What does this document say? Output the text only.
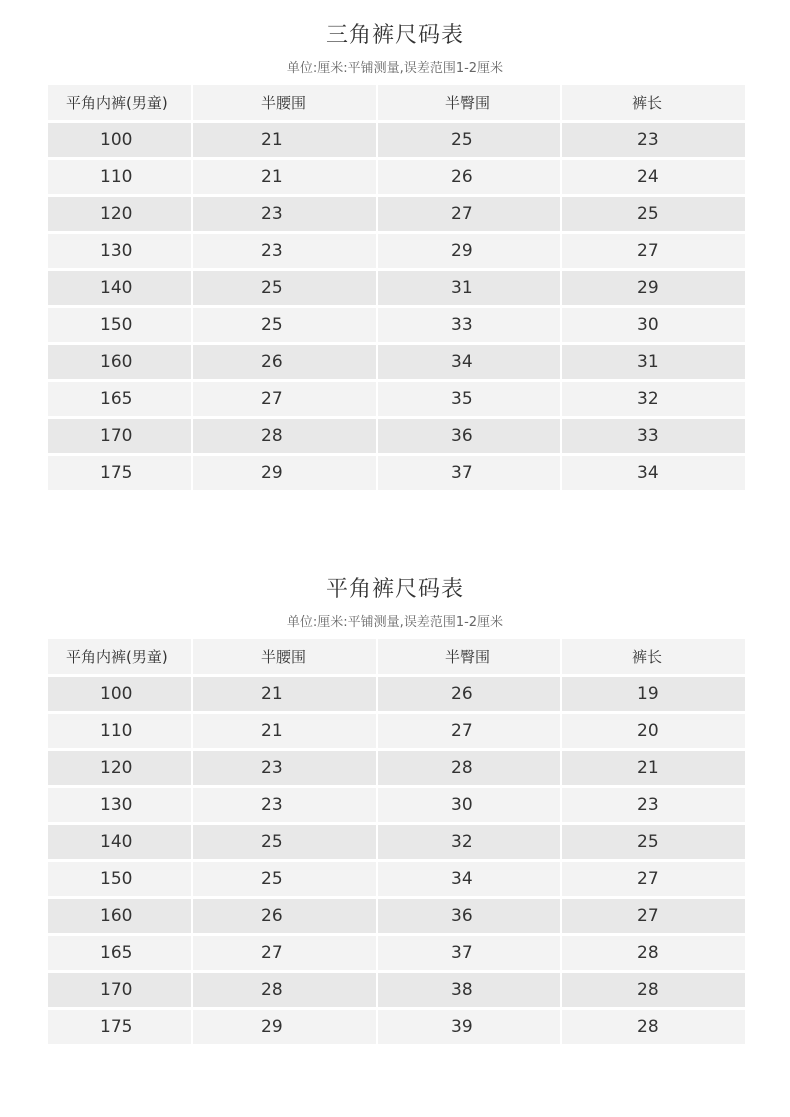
三角裤尺码表
单位:厘米:平铺测量,误差范围1-2厘米
平角内裤(男童)	半腰围	半臀围	裤长
100	21	25	23
110	21	26	24
120	23	27	25
130	23	29	27
140	25	31	29
150	25	33	30
160	26	34	31
165	27	35	32
170	28	36	33
175	29	37	34
平角裤尺码表
单位:厘米:平铺测量,误差范围1-2厘米
平角内裤(男童)	半腰围	半臀围	裤长
100	21	26	19
110	21	27	20
120	23	28	21
130	23	30	23
140	25	32	25
150	25	34	27
160	26	36	27
165	27	37	28
170	28	38	28
175	29	39	28
